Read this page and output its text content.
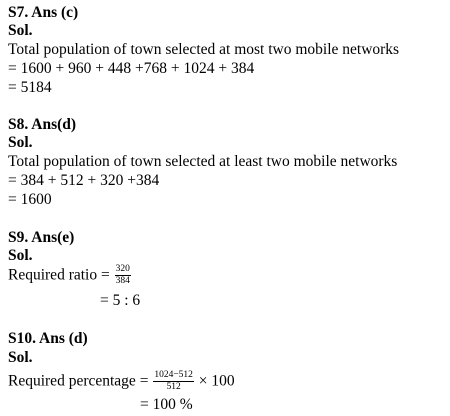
S7. Ans (c)
Sol.
Total population of town selected at most two mobile networks
= 1600 + 960 + 448 +768 + 1024 + 384
= 5184
S8. Ans(d)
Sol.
Total population of town selected at least two mobile networks
= 384 + 512 + 320 +384
= 1600
S9. Ans(e)
Sol.
Required ratio = $\frac{320}{384}$
= 5 : 6
S10. Ans (d)
Sol.
Required percentage = $\frac{1024-512}{512} \times 100$
= 100 %
